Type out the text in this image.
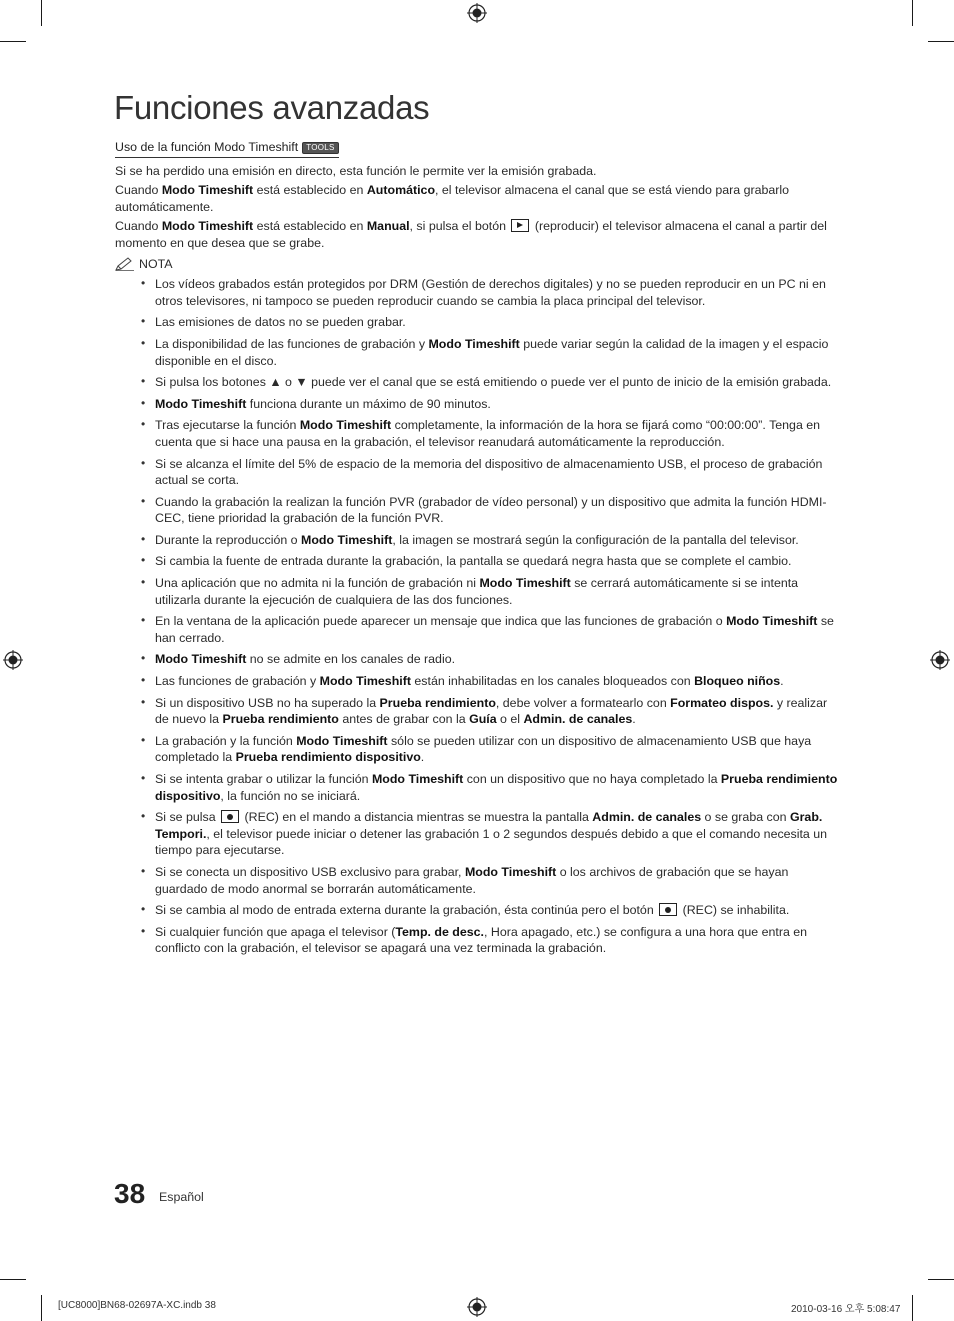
Funciones avanzadas
Uso de la función Modo Timeshift TOOLS

Si se ha perdido una emisión en directo, esta función le permite ver la emisión grabada.

Cuando Modo Timeshift está establecido en Automático, el televisor almacena el canal que se está viendo para grabarlo automáticamente.

Cuando Modo Timeshift está establecido en Manual, si pulsa el botón  (reproducir) el televisor almacena el canal a partir del momento en que desea que se grabe.

NOTA
• Los vídeos grabados están protegidos por DRM (Gestión de derechos digitales) y no se pueden reproducir en un PC ni en otros televisores, ni tampoco se pueden reproducir cuando se cambia la placa principal del televisor.
• Las emisiones de datos no se pueden grabar.
• La disponibilidad de las funciones de grabación y Modo Timeshift puede variar según la calidad de la imagen y el espacio disponible en el disco.
• Si pulsa los botones ▲ o ▼ puede ver el canal que se está emitiendo o puede ver el punto de inicio de la emisión grabada.
• Modo Timeshift funciona durante un máximo de 90 minutos.
• Tras ejecutarse la función Modo Timeshift completamente, la información de la hora se fijará como “00:00:00”. Tenga en cuenta que si hace una pausa en la grabación, el televisor reanudará automáticamente la reproducción.
• Si se alcanza el límite del 5% de espacio de la memoria del dispositivo de almacenamiento USB, el proceso de grabación actual se corta.
• Cuando la grabación la realizan la función PVR (grabador de vídeo personal) y un dispositivo que admita la función HDMI-CEC, tiene prioridad la grabación de la función PVR.
• Durante la reproducción o Modo Timeshift, la imagen se mostrará según la configuración de la pantalla del televisor.
• Si cambia la fuente de entrada durante la grabación, la pantalla se quedará negra hasta que se complete el cambio.
• Una aplicación que no admita ni la función de grabación ni Modo Timeshift se cerrará automáticamente si se intenta utilizarla durante la ejecución de cualquiera de las dos funciones.
• En la ventana de la aplicación puede aparecer un mensaje que indica que las funciones de grabación o Modo Timeshift se han cerrado.
• Modo Timeshift no se admite en los canales de radio.
• Las funciones de grabación y Modo Timeshift están inhabilitadas en los canales bloqueados con Bloqueo niños.
• Si un dispositivo USB no ha superado la Prueba rendimiento, debe volver a formatearlo con Formateo dispos. y realizar de nuevo la Prueba rendimiento antes de grabar con la Guía o el Admin. de canales.
• La grabación y la función Modo Timeshift sólo se pueden utilizar con un dispositivo de almacenamiento USB que haya completado la Prueba rendimiento dispositivo.
• Si se intenta grabar o utilizar la función Modo Timeshift con un dispositivo que no haya completado la Prueba rendimiento dispositivo, la función no se iniciará.
• Si se pulsa  (REC) en el mando a distancia mientras se muestra la pantalla Admin. de canales o se graba con Grab. Tempori., el televisor puede iniciar o detener las grabación 1 o 2 segundos después debido a que el comando necesita un tiempo para ejecutarse.
• Si se conecta un dispositivo USB exclusivo para grabar, Modo Timeshift o los archivos de grabación que se hayan guardado de modo anormal se borrarán automáticamente.
• Si se cambia al modo de entrada externa durante la grabación, ésta continúa pero el botón  (REC) se inhabilita.
• Si cualquier función que apaga el televisor (Temp. de desc., Hora apagado, etc.) se configura a una hora que entra en conflicto con la grabación, el televisor se apagará una vez terminada la grabación.
38 Español
[UC8000]BN68-02697A-XC.indb 38	2010-03-16 오후 5:08:47
